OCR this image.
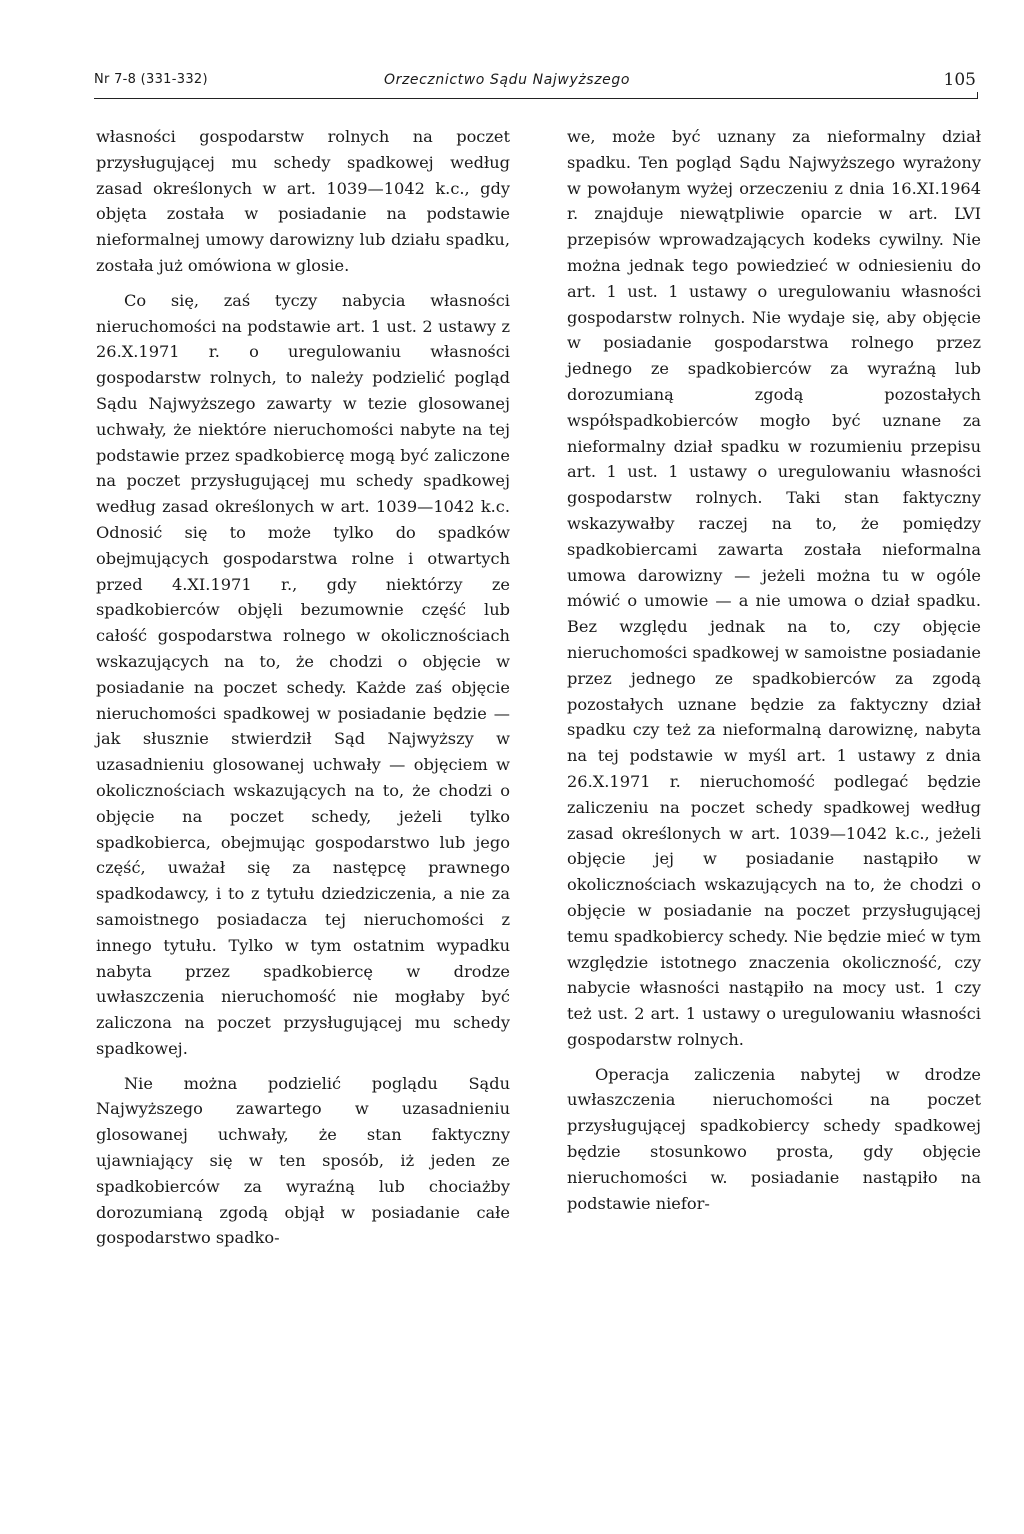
Nr 7-8 (331-332)	Orzecznictwo Sądu Najwyższego	105

własności gospodarstw rolnych na poczet przysługującej mu schedy spadkowej według zasad określonych w art. 1039—1042 k.c., gdy objęta została w posiadanie na podstawie nieformalnej umowy darowizny lub działu spadku, została już omówiona w glosie.

Co się, zaś tyczy nabycia własności nieruchomości na podstawie art. 1 ust. 2 ustawy z 26.X.1971 r. o uregulowaniu własności gospodarstw rolnych, to należy podzielić pogląd Sądu Najwyższego zawarty w tezie glosowanej uchwały, że niektóre nieruchomości nabyte na tej podstawie przez spadkobiercę mogą być zaliczone na poczet przysługującej mu schedy spadkowej według zasad określonych w art. 1039—1042 k.c. Odnosić się to może tylko do spadków obejmujących gospodarstwa rolne i otwartych przed 4.XI.1971 r., gdy niektórzy ze spadkobierców objęli bezumownie część lub całość gospodarstwa rolnego w okolicznościach wskazujących na to, że chodzi o objęcie w posiadanie na poczet schedy. Każde zaś objęcie nieruchomości spadkowej w posiadanie będzie — jak słusznie stwierdził Sąd Najwyższy w uzasadnieniu glosowanej uchwały — objęciem w okolicznościach wskazujących na to, że chodzi o objęcie na poczet schedy, jeżeli tylko spadkobierca, obejmując gospodarstwo lub jego część, uważał się za następcę prawnego spadkodawcy, i to z tytułu dziedziczenia, a nie za samoistnego posiadacza tej nieruchomości z innego tytułu. Tylko w tym ostatnim wypadku nabyta przez spadkobiercę w drodze uwłaszczenia nieruchomość nie mogłaby być zaliczona na poczet przysługującej mu schedy spadkowej.

Nie można podzielić poglądu Sądu Najwyższego zawartego w uzasadnieniu glosowanej uchwały, że stan faktyczny ujawniający się w ten sposób, iż jeden ze spadkobierców za wyraźną lub chociażby dorozumianą zgodą objął w posiadanie całe gospodarstwo spadko-

we, może być uznany za nieformalny dział spadku. Ten pogląd Sądu Najwyższego wyrażony w powołanym wyżej orzeczeniu z dnia 16.XI.1964 r. znajduje niewątpliwie oparcie w art. LVI przepisów wprowadzających kodeks cywilny. Nie można jednak tego powiedzieć w odniesieniu do art. 1 ust. 1 ustawy o uregulowaniu własności gospodarstw rolnych. Nie wydaje się, aby objęcie w posiadanie gospodarstwa rolnego przez jednego ze spadkobierców za wyraźną lub dorozumianą zgodą pozostałych współspadkobierców mogło być uznane za nieformalny dział spadku w rozumieniu przepisu art. 1 ust. 1 ustawy o uregulowaniu własności gospodarstw rolnych. Taki stan faktyczny wskazywałby raczej na to, że pomiędzy spadkobiercami zawarta została nieformalna umowa darowizny — jeżeli można tu w ogóle mówić o umowie — a nie umowa o dział spadku. Bez względu jednak na to, czy objęcie nieruchomości spadkowej w samoistne posiadanie przez jednego ze spadkobierców za zgodą pozostałych uznane będzie za faktyczny dział spadku czy też za nieformalną darowiznę, nabyta na tej podstawie w myśl art. 1 ustawy z dnia 26.X.1971 r. nieruchomość podlegać będzie zaliczeniu na poczet schedy spadkowej według zasad określonych w art. 1039—1042 k.c., jeżeli objęcie jej w posiadanie nastąpiło w okolicznościach wskazujących na to, że chodzi o objęcie w posiadanie na poczet przysługującej temu spadkobiercy schedy. Nie będzie mieć w tym względzie istotnego znaczenia okoliczność, czy nabycie własności nastąpiło na mocy ust. 1 czy też ust. 2 art. 1 ustawy o uregulowaniu własności gospodarstw rolnych.

Operacja zaliczenia nabytej w drodze uwłaszczenia nieruchomości na poczet przysługującej spadkobiercy schedy spadkowej będzie stosunkowo prosta, gdy objęcie nieruchomości w. posiadanie nastąpiło na podstawie niefor-
